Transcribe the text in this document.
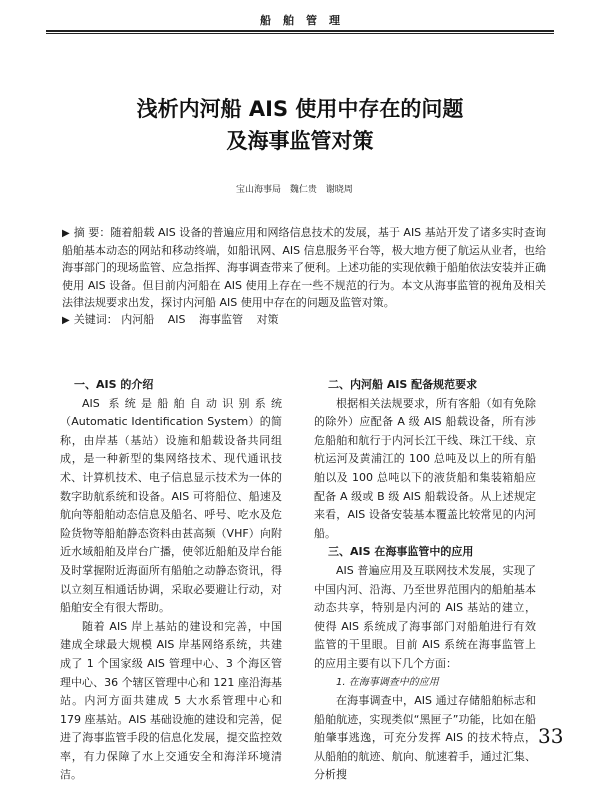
船舶管理
浅析内河船 AIS 使用中存在的问题
及海事监管对策
宝山海事局 魏仁贵 谢晓周
▶ 摘 要：随着船载 AIS 设备的普遍应用和网络信息技术的发展，基于 AIS 基站开发了诸多实时查询船舶基本动态的网站和移动终端，如船讯网、AIS 信息服务平台等，极大地方便了航运从业者，也给海事部门的现场监管、应急指挥、海事调查带来了便利。上述功能的实现依赖于船舶依法安装并正确使用 AIS 设备。但目前内河船在 AIS 使用上存在一些不规范的行为。本文从海事监管的视角及相关法律法规要求出发，探讨内河船 AIS 使用中存在的问题及监管对策。
▶ 关键词： 内河船 AIS 海事监管 对策
一、AIS 的介绍

AIS 系统是船舶自动识别系统（Automatic Identification System）的简称，由岸基（基站）设施和船载设备共同组成，是一种新型的集网络技术、现代通讯技术、计算机技术、电子信息显示技术为一体的数字助航系统和设备。AIS 可将船位、船速及航向等船舶动态信息及船名、呼号、吃水及危险货物等船舶静态资料由甚高频（VHF）向附近水域船舶及岸台广播，使邻近船舶及岸台能及时掌握附近海面所有船舶之动静态资讯，得以立刻互相通话协调，采取必要避让行动，对船舶安全有很大帮助。

随着 AIS 岸上基站的建设和完善，中国建成全球最大规模 AIS 岸基网络系统，共建成了 1 个国家级 AIS 管理中心、3 个海区管理中心、36 个辖区管理中心和 121 座沿海基站。内河方面共建成 5 大水系管理中心和 179 座基站。AIS 基础设施的建设和完善，促进了海事监管手段的信息化发展，提交监控效率，有力保障了水上交通安全和海洋环境清洁。

二、内河船 AIS 配备规范要求

根据相关法规要求，所有客船（如有免除的除外）应配备 A 级 AIS 船载设备，所有涉危船舶和航行于内河长江干线、珠江干线、京杭运河及黄浦江的 100 总吨及以上的所有船舶以及 100 总吨以下的液货船和集装箱船应配备 A 级或 B 级 AIS 船载设备。从上述规定来看，AIS 设备安装基本覆盖比较常见的内河船。

三、AIS 在海事监管中的应用

AIS 普遍应用及互联网技术发展，实现了中国内河、沿海、乃至世界范围内的船舶基本动态共享，特别是内河的 AIS 基站的建立，使得 AIS 系统成了海事部门对船舶进行有效监管的干里眼。目前 AIS 系统在海事监管上的应用主要有以下几个方面：

1. 在海事调查中的应用

在海事调查中，AIS 通过存储船舶标志和船舶航迹，实现类似“黑匣子”功能，比如在船舶肇事逃逸，可充分发挥 AIS 的技术特点，从船舶的航迹、航向、航速着手，通过汇集、分析搜

33
